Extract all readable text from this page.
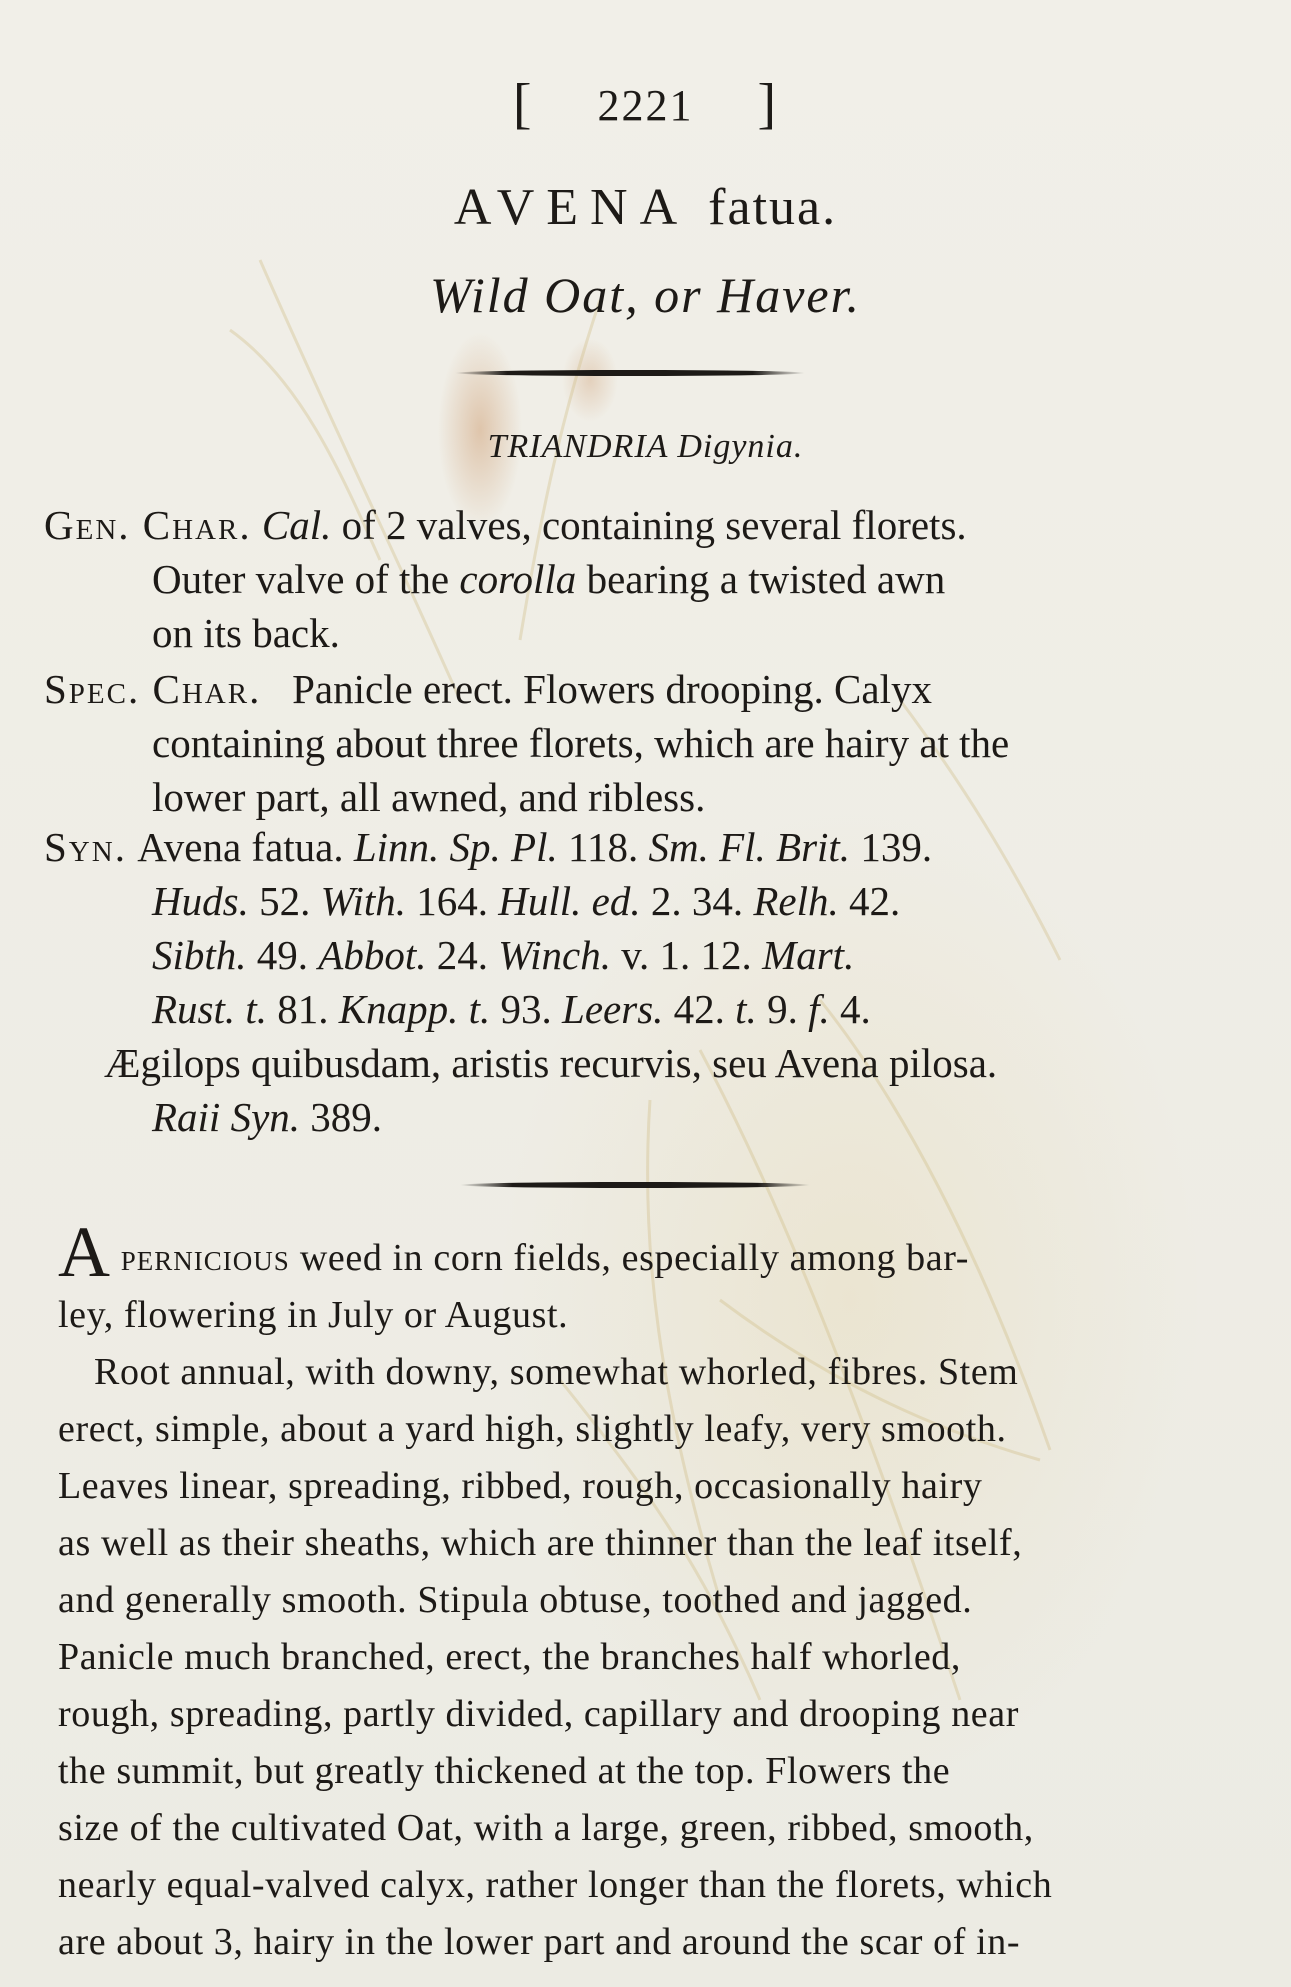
[ 2221 ]
AVENA fatua.
Wild Oat, or Haver.
TRIANDRIA Digynia.
Gen. Char. Cal. of 2 valves, containing several florets.
Outer valve of the corolla bearing a twisted awn
on its back.
Spec. Char. Panicle erect. Flowers drooping. Calyx
containing about three florets, which are hairy at the
lower part, all awned, and ribless.
Syn. Avena fatua. Linn. Sp. Pl. 118. Sm. Fl. Brit. 139.
Huds. 52. With. 164. Hull. ed. 2. 34. Relh. 42.
Sibth. 49. Abbot. 24. Winch. v. 1. 12. Mart.
Rust. t. 81. Knapp. t. 93. Leers. 42. t. 9. f. 4.
Ægilops quibusdam, aristis recurvis, seu Avena pilosa.
Raii Syn. 389.
A pernicious weed in corn fields, especially among bar-
ley, flowering in July or August.
Root annual, with downy, somewhat whorled, fibres. Stem
erect, simple, about a yard high, slightly leafy, very smooth.
Leaves linear, spreading, ribbed, rough, occasionally hairy
as well as their sheaths, which are thinner than the leaf itself,
and generally smooth. Stipula obtuse, toothed and jagged.
Panicle much branched, erect, the branches half whorled,
rough, spreading, partly divided, capillary and drooping near
the summit, but greatly thickened at the top. Flowers the
size of the cultivated Oat, with a large, green, ribbed, smooth,
nearly equal-valved calyx, rather longer than the florets, which
are about 3, hairy in the lower part and around the scar of in-
